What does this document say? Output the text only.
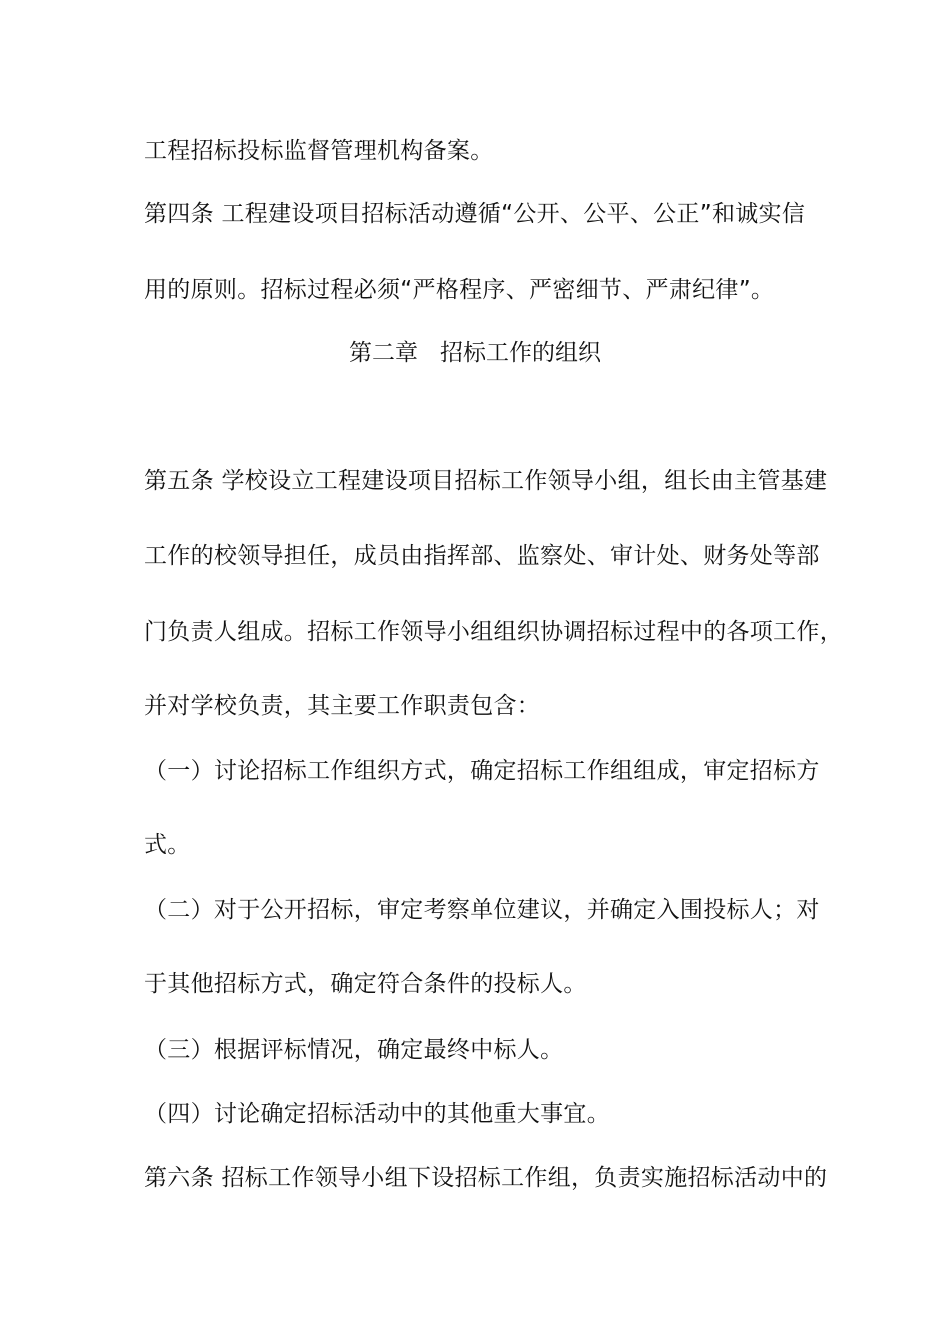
工程招标投标监督管理机构备案。
第四条 工程建设项目招标活动遵循“公开、公平、公正”和诚实信
用的原则。招标过程必须“严格程序、严密细节、严肃纪律”。
第二章   招标工作的组织
第五条 学校设立工程建设项目招标工作领导小组，组长由主管基建
工作的校领导担任，成员由指挥部、监察处、审计处、财务处等部
门负责人组成。招标工作领导小组组织协调招标过程中的各项工作，
并对学校负责，其主要工作职责包含：
（一）讨论招标工作组织方式，确定招标工作组组成，审定招标方
式。
（二）对于公开招标，审定考察单位建议，并确定入围投标人；对
于其他招标方式，确定符合条件的投标人。
（三）根据评标情况，确定最终中标人。
（四）讨论确定招标活动中的其他重大事宜。
第六条 招标工作领导小组下设招标工作组，负责实施招标活动中的
